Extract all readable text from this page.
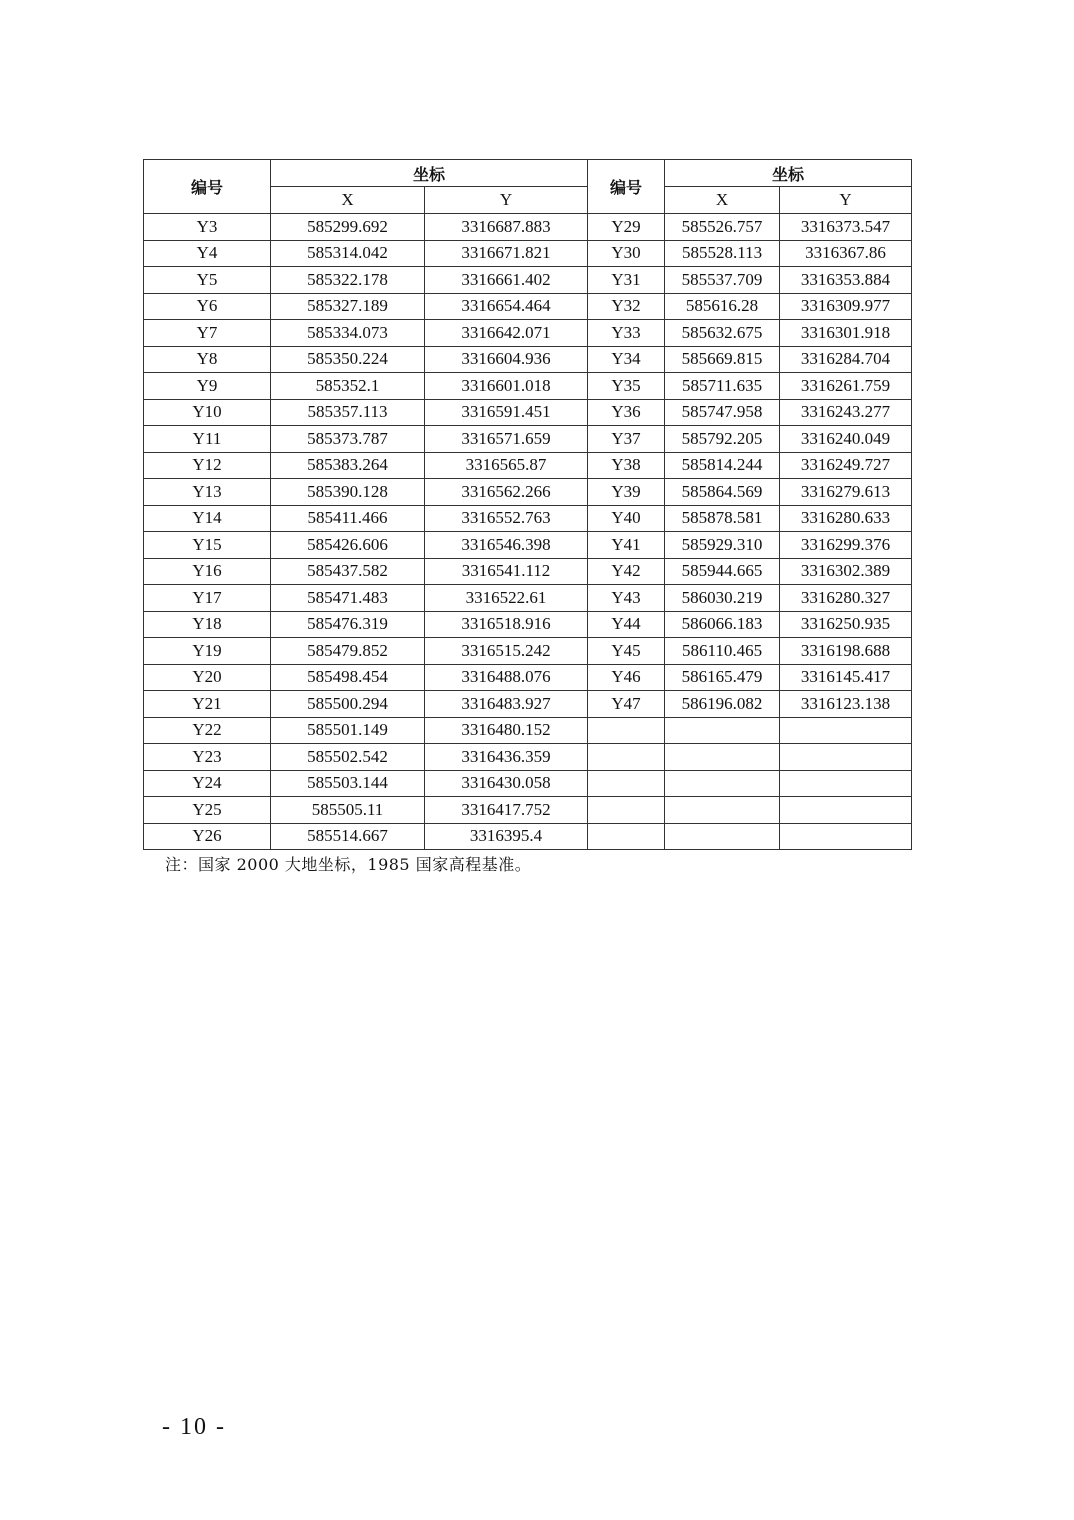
编号	坐标		编号	坐标	
	X	Y		X	Y
Y3	585299.692	3316687.883	Y29	585526.757	3316373.547
Y4	585314.042	3316671.821	Y30	585528.113	3316367.86
Y5	585322.178	3316661.402	Y31	585537.709	3316353.884
Y6	585327.189	3316654.464	Y32	585616.28	3316309.977
Y7	585334.073	3316642.071	Y33	585632.675	3316301.918
Y8	585350.224	3316604.936	Y34	585669.815	3316284.704
Y9	585352.1	3316601.018	Y35	585711.635	3316261.759
Y10	585357.113	3316591.451	Y36	585747.958	3316243.277
Y11	585373.787	3316571.659	Y37	585792.205	3316240.049
Y12	585383.264	3316565.87	Y38	585814.244	3316249.727
Y13	585390.128	3316562.266	Y39	585864.569	3316279.613
Y14	585411.466	3316552.763	Y40	585878.581	3316280.633
Y15	585426.606	3316546.398	Y41	585929.310	3316299.376
Y16	585437.582	3316541.112	Y42	585944.665	3316302.389
Y17	585471.483	3316522.61	Y43	586030.219	3316280.327
Y18	585476.319	3316518.916	Y44	586066.183	3316250.935
Y19	585479.852	3316515.242	Y45	586110.465	3316198.688
Y20	585498.454	3316488.076	Y46	586165.479	3316145.417
Y21	585500.294	3316483.927	Y47	586196.082	3316123.138
Y22	585501.149	3316480.152			
Y23	585502.542	3316436.359			
Y24	585503.144	3316430.058			
Y25	585505.11	3316417.752			
Y26	585514.667	3316395.4			
注：国家 2000 大地坐标，1985 国家高程基准。
- 10 -
